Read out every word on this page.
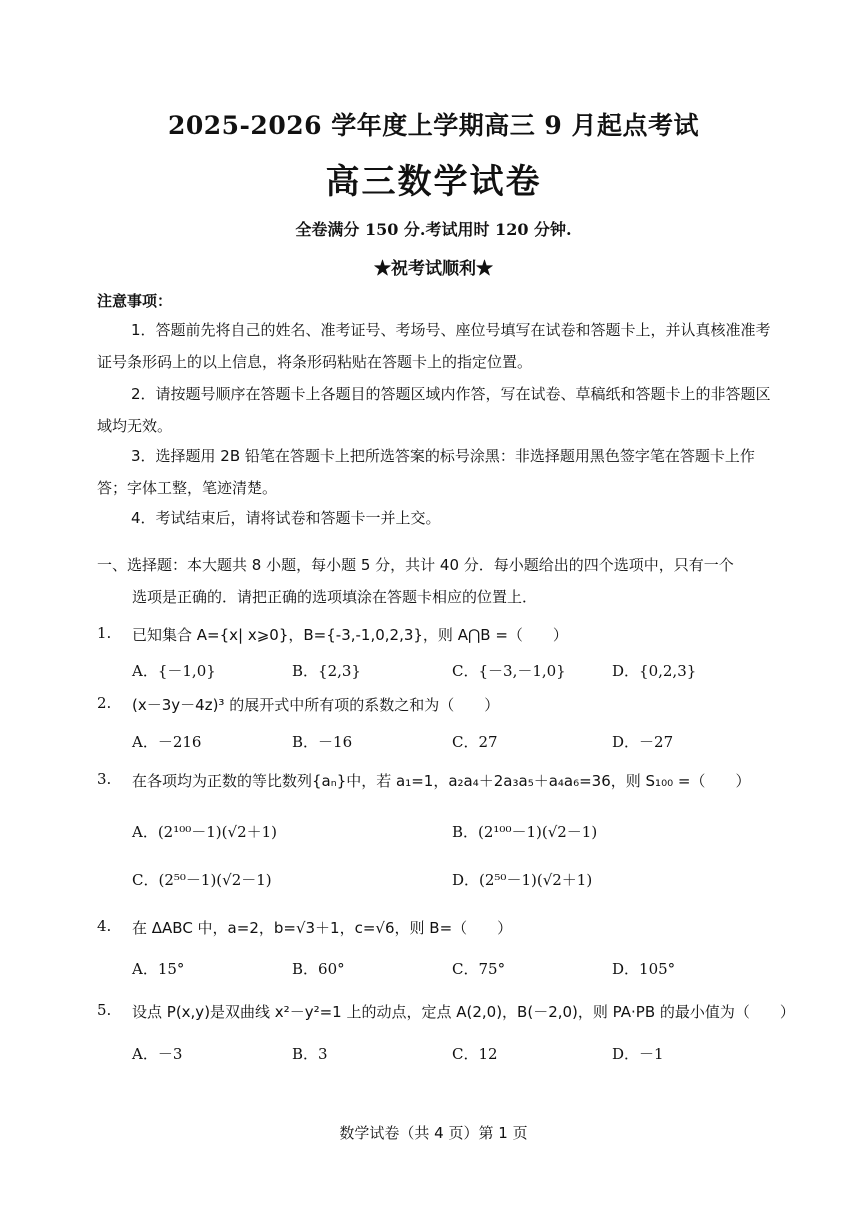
2025-2026 学年度上学期高三 9 月起点考试
高三数学试卷
全卷满分 150 分.考试用时 120 分钟.
★祝考试顺利★
注意事项：
1．答题前先将自己的姓名、准考证号、考场号、座位号填写在试卷和答题卡上，并认真核准准考证号条形码上的以上信息，将条形码粘贴在答题卡上的指定位置。
2．请按题号顺序在答题卡上各题目的答题区域内作答，写在试卷、草稿纸和答题卡上的非答题区域均无效。
3．选择题用 2B 铅笔在答题卡上把所选答案的标号涂黑：非选择题用黑色签字笔在答题卡上作答；字体工整，笔迹清楚。
4．考试结束后，请将试卷和答题卡一并上交。
一、选择题：本大题共 8 小题，每小题 5 分，共计 40 分．每小题给出的四个选项中，只有一个
选项是正确的．请把正确的选项填涂在答题卡相应的位置上．
1. 已知集合 A={x| x⩾0}，B={-3,-1,0,2,3}，则 A⋂B =（　　）
A．{－1,0}	B．{2,3}	C．{－3,－1,0}	D．{0,2,3}
2. (x－3y－4z)³ 的展开式中所有项的系数之和为（　　）
A．－216	B．－16	C．27	D．－27
3. 在各项均为正数的等比数列{aₙ}中，若 a₁=1，a₂a₄＋2a₃a₅＋a₄a₆=36，则 S₁₀₀ =（　　）
A．(2¹⁰⁰－1)(√2＋1)	B．(2¹⁰⁰－1)(√2－1)
C．(2⁵⁰－1)(√2－1)	D．(2⁵⁰－1)(√2＋1)
4. 在 ΔABC 中，a=2，b=√3＋1，c=√6，则 B=（　　）
A．15°	B．60°	C．75°	D．105°
5. 设点 P(x,y)是双曲线 x²－y²=1 上的动点，定点 A(2,0)，B(－2,0)，则 PA·PB 的最小值为（　　）
A．－3	B．3	C．12	D．－1
数学试卷（共 4 页）第 1 页
